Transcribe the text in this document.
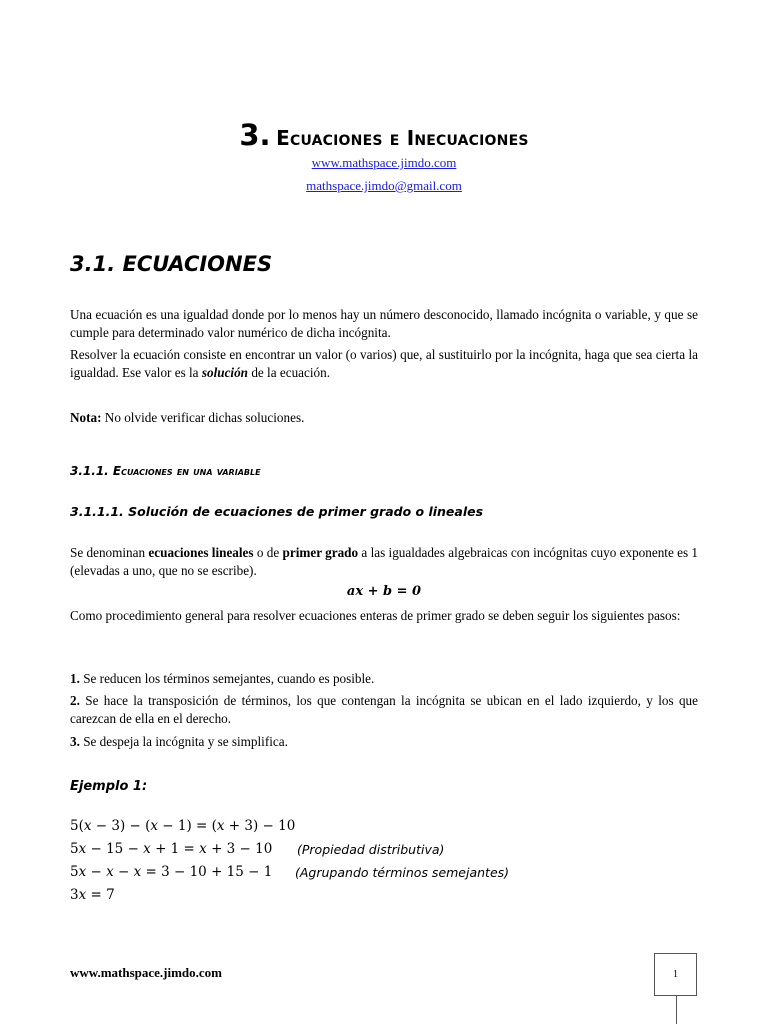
3. Ecuaciones e Inecuaciones
www.mathspace.jimdo.com
mathspace.jimdo@gmail.com
3.1. ECUACIONES

Una ecuación es una igualdad donde por lo menos hay un número desconocido, llamado incógnita o variable, y que se cumple para determinado valor numérico de dicha incógnita.

Resolver la ecuación consiste en encontrar un valor (o varios) que, al sustituirlo por la incógnita, haga que sea cierta la igualdad. Ese valor es la solución de la ecuación.

Nota: No olvide verificar dichas soluciones.

3.1.1. Ecuaciones en una variable
3.1.1.1. Solución de ecuaciones de primer grado o lineales

Se denominan ecuaciones lineales o de primer grado a las igualdades algebraicas con incógnitas cuyo exponente es 1 (elevadas a uno, que no se escribe).

ax + b = 0

Como procedimiento general para resolver ecuaciones enteras de primer grado se deben seguir los siguientes pasos:

1. Se reducen los términos semejantes, cuando es posible.

2. Se hace la transposición de términos, los que contengan la incógnita se ubican en el lado izquierdo, y los que carezcan de ella en el derecho.

3. Se despeja la incógnita y se simplifica.

Ejemplo 1:
5(𝑥 − 3) − (𝑥 − 1) = (𝑥 + 3) − 10
5𝑥 − 15 − 𝑥 + 1 = 𝑥 + 3 − 10 (Propiedad distributiva)
5𝑥 − 𝑥 − 𝑥 = 3 − 10 + 15 − 1 (Agrupando términos semejantes)
3𝑥 = 7
www.mathspace.jimdo.com	1
